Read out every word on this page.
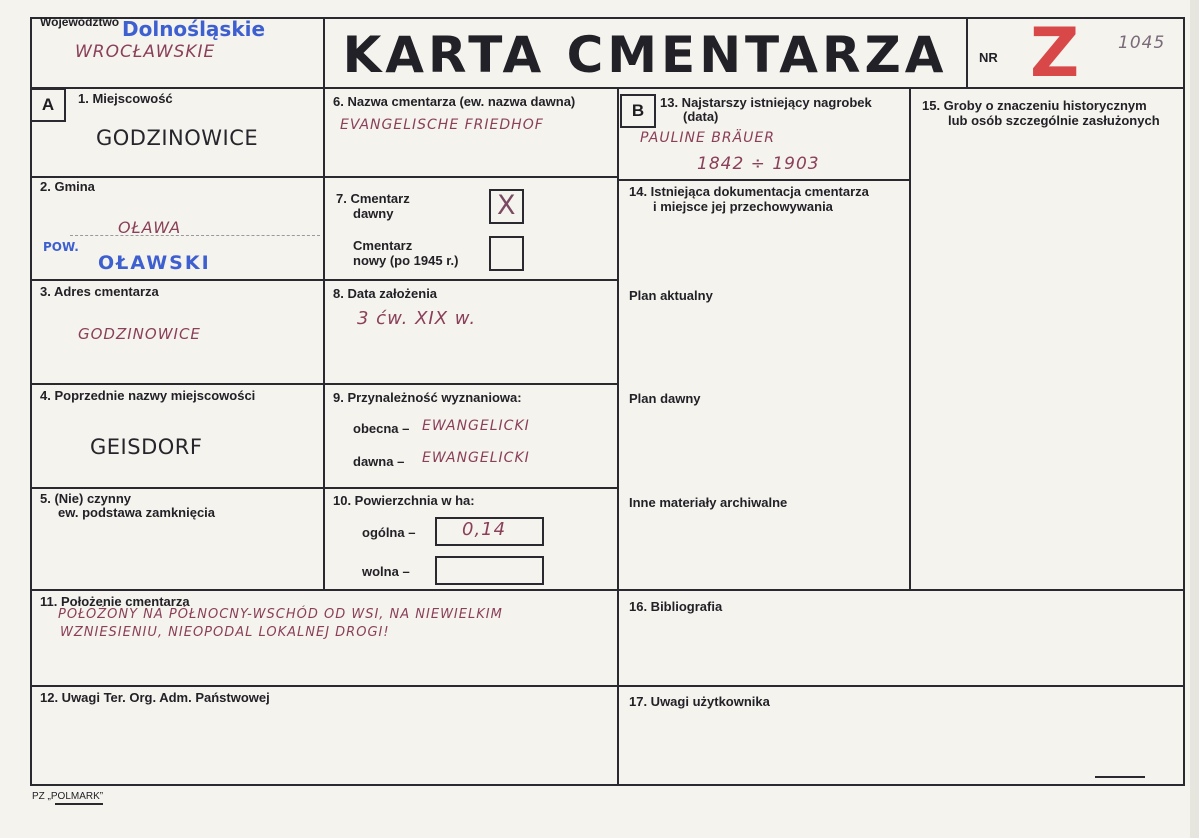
Województwo Dolnośląskie
WROCŁAWSKIE	KARTA CMENTARZA	NR Z 1045
A	B
1. Miejscowość
GODZINOWICE
2. Gmina
OŁAWA
POW.
OŁAWSKI
3. Adres cmentarza
GODZINOWICE
4. Poprzednie nazwy miejscowości
GEISDORF
5. (Nie) czynny
ew. podstawa zamknięcia
6. Nazwa cmentarza (ew. nazwa dawna)
EVANGELISCHE FRIEDHOF
7. Cmentarz
dawny	X
Cmentarz
nowy (po 1945 r.)
8. Data założenia
3 ćw. XIX w.
9. Przynależność wyznaniowa:
obecna – EWANGELICKI
dawna – EWANGELICKI
10. Powierzchnia w ha:
ogólna –	0,14
wolna –
11. Położenie cmentarza
POŁOŻONY NA PÓŁNOCNY-WSCHÓD OD WSI, NA NIEWIELKIM
WZNIESIENIU, NIEOPODAL LOKALNEJ DROGI!
12. Uwagi Ter. Org. Adm. Państwowej
13. Najstarszy istniejący nagrobek
(data)
PAULINE BRÄUER
1842 ÷ 1903
14. Istniejąca dokumentacja cmentarza
i miejsce jej przechowywania
Plan aktualny
Plan dawny
Inne materiały archiwalne
15. Groby o znaczeniu historycznym
lub osób szczególnie zasłużonych
16. Bibliografia
17. Uwagi użytkownika
PZ „POLMARK”
